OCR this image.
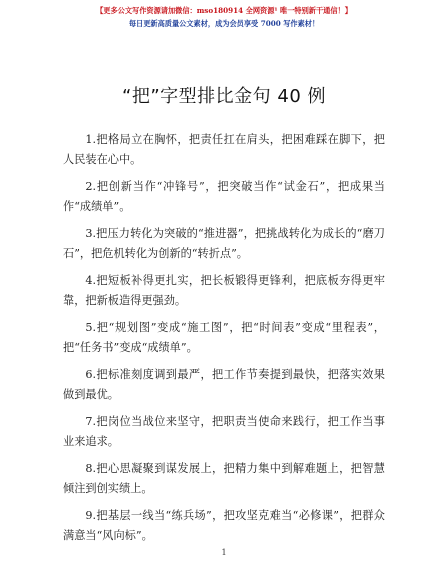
【更多公文写作资源请加微信：mso180914 全网资源¹ 唯一特别新干通信！】
每日更新高质量公文素材，成为会员享受 7000 写作素材！
“把”字型排比金句 40 例

1.把格局立在胸怀，把责任扛在肩头，把困难踩在脚下，把人民装在心中。

2.把创新当作“冲锋号”，把突破当作“试金石”，把成果当作“成绩单”。

3.把压力转化为突破的“推进器”，把挑战转化为成长的“磨刀石”，把危机转化为创新的“转折点”。

4.把短板补得更扎实，把长板锻得更锋利，把底板夯得更牢靠，把新板造得更强劲。

5.把“规划图”变成“施工图”，把“时间表”变成“里程表”，把“任务书”变成“成绩单”。

6.把标准刻度调到最严，把工作节奏提到最快，把落实效果做到最优。

7.把岗位当战位来坚守，把职责当使命来践行，把工作当事业来追求。

8.把心思凝聚到谋发展上，把精力集中到解难题上，把智慧倾注到创实绩上。

9.把基层一线当“练兵场”，把攻坚克难当“必修课”，把群众满意当“风向标”。

1
